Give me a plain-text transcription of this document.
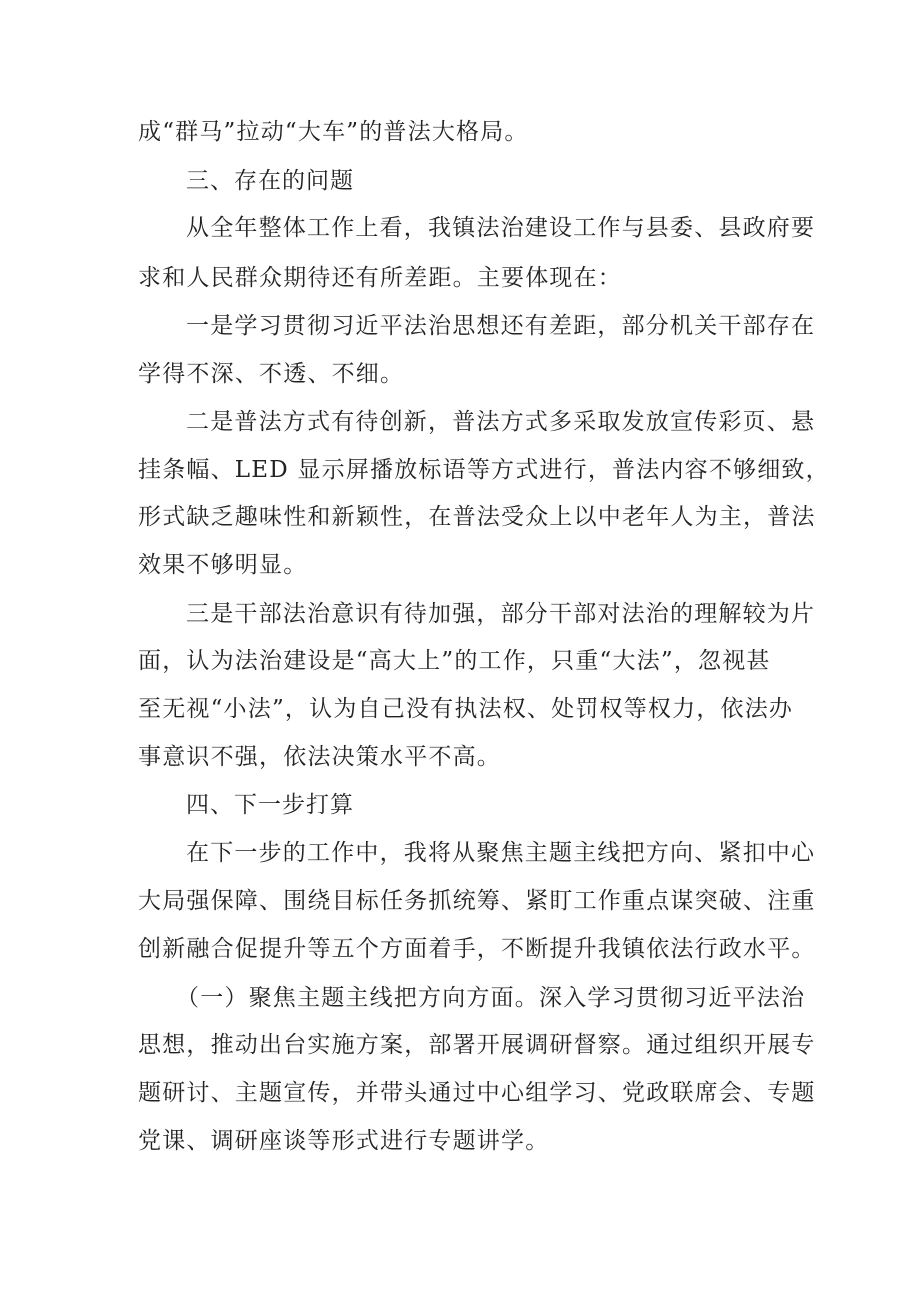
成“群马”拉动“大车”的普法大格局。

三、存在的问题

从全年整体工作上看，我镇法治建设工作与县委、县政府要

求和人民群众期待还有所差距。主要体现在：

一是学习贯彻习近平法治思想还有差距，部分机关干部存在

学得不深、不透、不细。

二是普法方式有待创新，普法方式多采取发放宣传彩页、悬

挂条幅、LED 显示屏播放标语等方式进行，普法内容不够细致，

形式缺乏趣味性和新颖性，在普法受众上以中老年人为主，普法

效果不够明显。

三是干部法治意识有待加强，部分干部对法治的理解较为片

面，认为法治建设是“高大上”的工作，只重“大法”，忽视甚

至无视“小法”，认为自己没有执法权、处罚权等权力，依法办

事意识不强，依法决策水平不高。

四、下一步打算

在下一步的工作中，我将从聚焦主题主线把方向、紧扣中心

大局强保障、围绕目标任务抓统筹、紧盯工作重点谋突破、注重

创新融合促提升等五个方面着手，不断提升我镇依法行政水平。

（一）聚焦主题主线把方向方面。深入学习贯彻习近平法治

思想，推动出台实施方案，部署开展调研督察。通过组织开展专

题研讨、主题宣传，并带头通过中心组学习、党政联席会、专题

党课、调研座谈等形式进行专题讲学。
